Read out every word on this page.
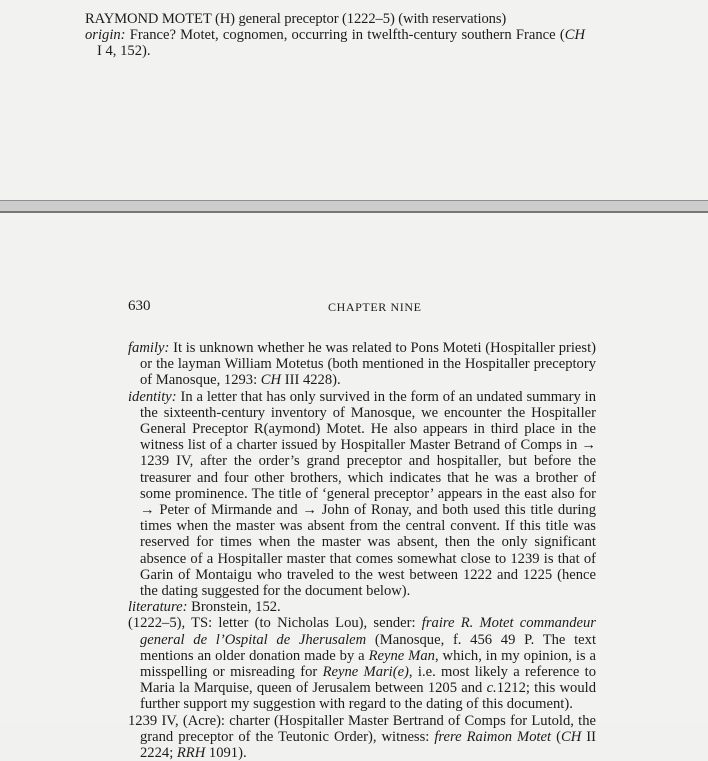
RAYMOND MOTET (H) general preceptor (1222–5) (with reservations)
origin: France? Motet, cognomen, occurring in twelfth-century southern France (CH I 4, 152).
630	CHAPTER NINE

family: It is unknown whether he was related to Pons Moteti (Hospitaller priest) or the layman William Motetus (both mentioned in the Hospitaller preceptory of Manosque, 1293: CH III 4228).

identity: In a letter that has only survived in the form of an undated summary in the sixteenth-century inventory of Manosque, we encounter the Hospitaller General Preceptor R(aymond) Motet. He also appears in third place in the witness list of a charter issued by Hospitaller Master Betrand of Comps in → 1239 IV, after the order’s grand preceptor and hospitaller, but before the treasurer and four other brothers, which indicates that he was a brother of some prominence. The title of ‘general preceptor’ appears in the east also for → Peter of Mirmande and → John of Ronay, and both used this title during times when the master was absent from the central convent. If this title was reserved for times when the master was absent, then the only significant absence of a Hospitaller master that comes somewhat close to 1239 is that of Garin of Montaigu who traveled to the west between 1222 and 1225 (hence the dating suggested for the document below).

literature: Bronstein, 152.

(1222–5), TS: letter (to Nicholas Lou), sender: fraire R. Motet commandeur general de l’Ospital de Jherusalem (Manosque, f. 456 49 P. The text mentions an older donation made by a Reyne Man, which, in my opinion, is a misspelling or misreading for Reyne Mari(e), i.e. most likely a reference to Maria la Marquise, queen of Jerusalem between 1205 and c.1212; this would further support my suggestion with regard to the dating of this document).

1239 IV, (Acre): charter (Hospitaller Master Bertrand of Comps for Lutold, the grand preceptor of the Teutonic Order), witness: frere Raimon Motet (CH II 2224; RRH 1091).
